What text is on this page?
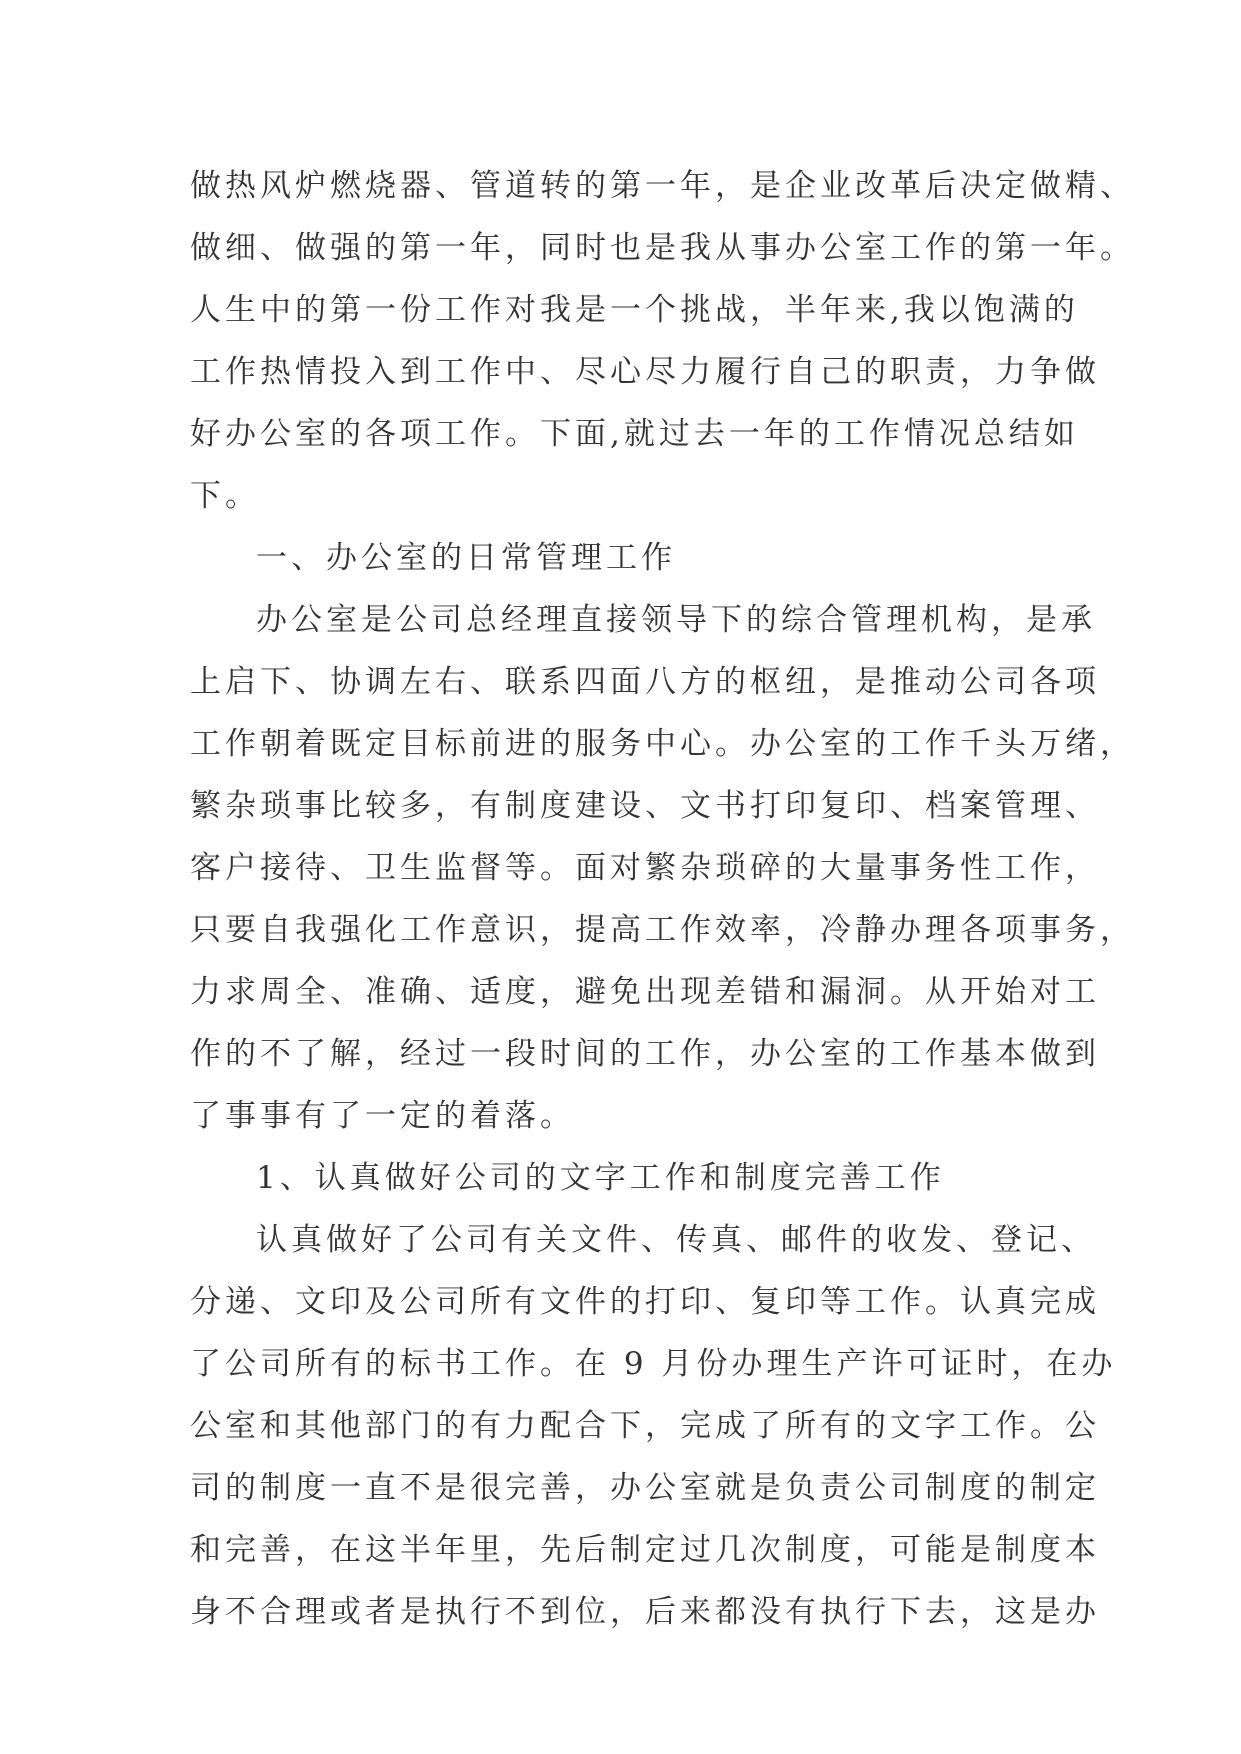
做热风炉燃烧器、管道转的第一年，是企业改革后决定做精、
做细、做强的第一年，同时也是我从事办公室工作的第一年。
人生中的第一份工作对我是一个挑战，半年来,我以饱满的
工作热情投入到工作中、尽心尽力履行自己的职责，力争做
好办公室的各项工作。下面,就过去一年的工作情况总结如
下。

一、办公室的日常管理工作

办公室是公司总经理直接领导下的综合管理机构，是承
上启下、协调左右、联系四面八方的枢纽，是推动公司各项
工作朝着既定目标前进的服务中心。办公室的工作千头万绪，
繁杂琐事比较多，有制度建设、文书打印复印、档案管理、
客户接待、卫生监督等。面对繁杂琐碎的大量事务性工作，
只要自我强化工作意识，提高工作效率，冷静办理各项事务，
力求周全、准确、适度，避免出现差错和漏洞。从开始对工
作的不了解，经过一段时间的工作，办公室的工作基本做到
了事事有了一定的着落。

1、认真做好公司的文字工作和制度完善工作

认真做好了公司有关文件、传真、邮件的收发、登记、
分递、文印及公司所有文件的打印、复印等工作。认真完成
了公司所有的标书工作。在 9 月份办理生产许可证时，在办
公室和其他部门的有力配合下，完成了所有的文字工作。公
司的制度一直不是很完善，办公室就是负责公司制度的制定
和完善，在这半年里，先后制定过几次制度，可能是制度本
身不合理或者是执行不到位，后来都没有执行下去，这是办
